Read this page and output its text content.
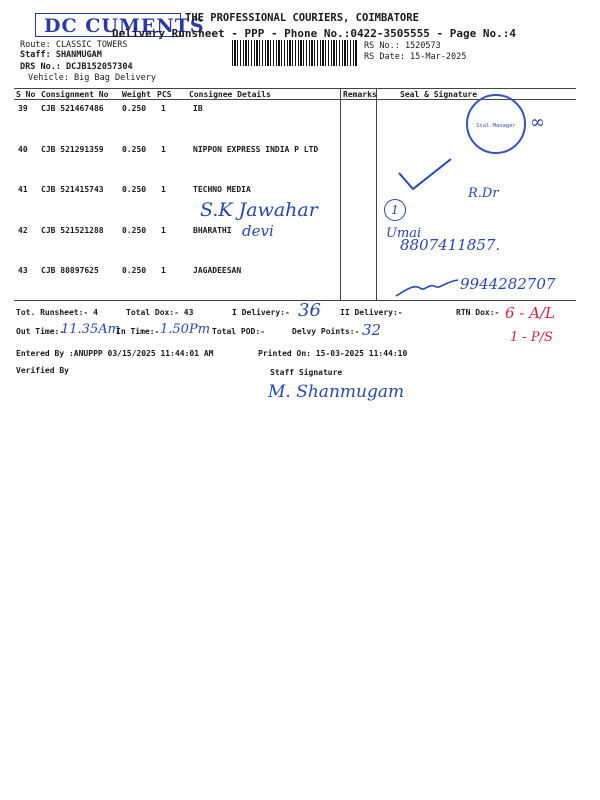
DC CUMENTS
THE PROFESSIONAL COURIERS, COIMBATORE
Delivery Runsheet - PPP - Phone No.:0422-3505555 - Page No.:4
Route: CLASSIC TOWERS
Staff: SHANMUGAM
DRS No.: DCJB152057304
Vehicle: Big Bag Delivery
RS No.: 1520573
RS Date: 15-Mar-2025
S No Consignment No Weight PCS Consignee Details	Remarks	Seal & Signature
39 CJB 521467486 0.250 1	IB
40 CJB 521291359 0.250 1	NIPPON EXPRESS INDIA P LTD
41 CJB 521415743 0.250 1	TECHNO MEDIA
42 CJB 521521288 0.250 1	BHARATHI
43 CJB 80897625	0.250 1	JAGADEESAN
Scal Manager ∞
R.Dr
S.K Jawahar
devi
1
Umai
8807411857.
9944282707
Tot. Runsheet:- 4	Total Dox:- 43	I Delivery:- 36 II Delivery:-	RTN Dox:- 6 - A/L
1 - P/S
Out Time:-
11.35Am
In Time:- 1.50Pm Total POD:-	Delvy Points:- 32
Entered By :ANUPPP 03/15/2025 11:44:01 AM	Printed On: 15-03-2025 11:44:10
Verified By	Staff Signature
M. Shanmugam
